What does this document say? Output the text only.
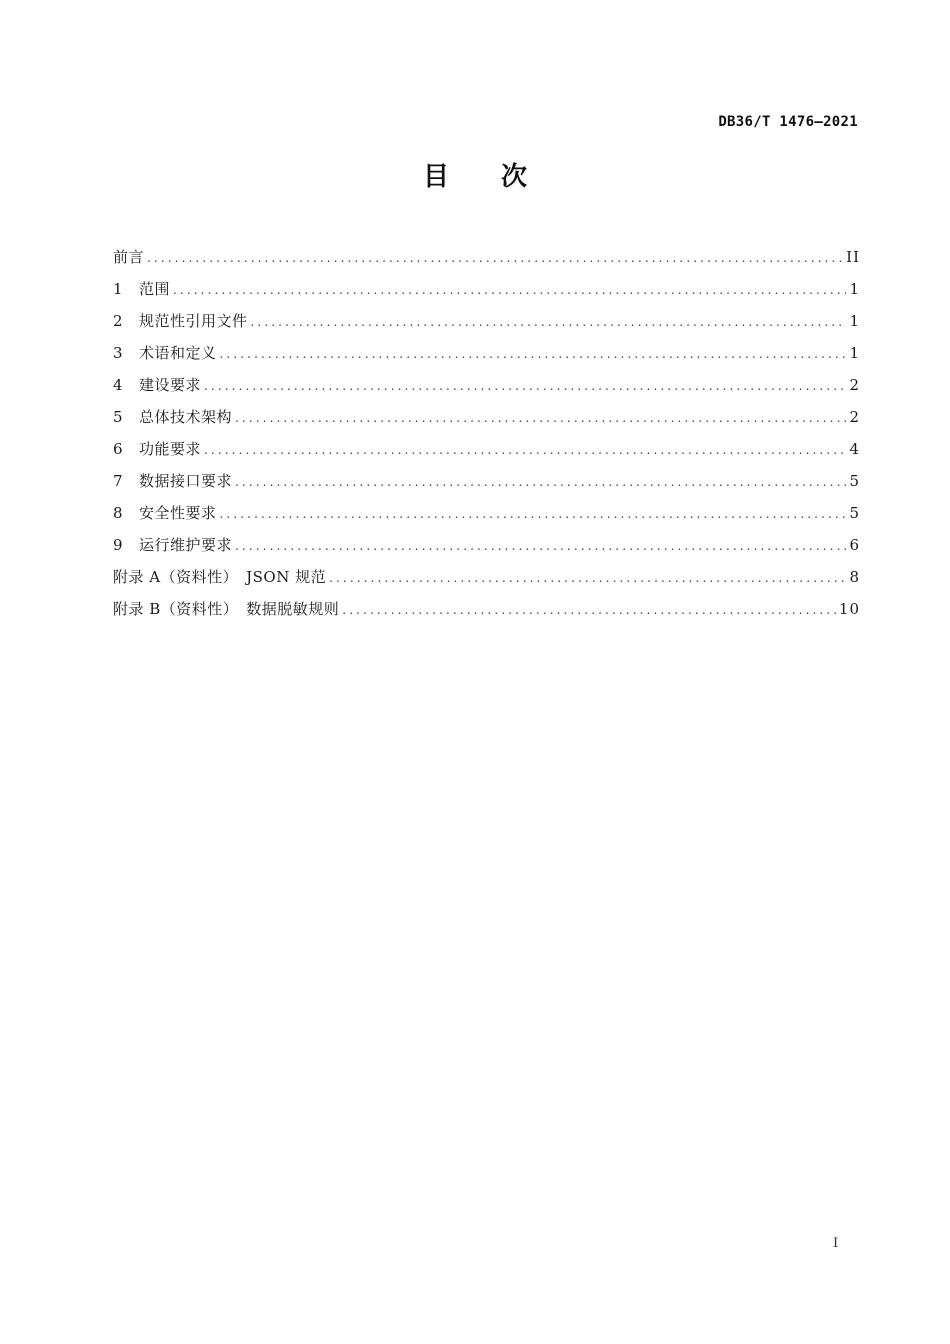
DB36/T 1476—2021
目次
前言 .....	II
1	范围 .....	1
2	规范性引用文件 .....	1
3	术语和定义 .....	1
4	建设要求 .....	2
5	总体技术架构 .....	2
6	功能要求 .....	4
7	数据接口要求 .....	5
8	安全性要求 .....	5
9	运行维护要求 .....	6
附录 A（资料性）　JSON 规范 .....	8
附录 B（资料性）　数据脱敏规则 .....	10
I
